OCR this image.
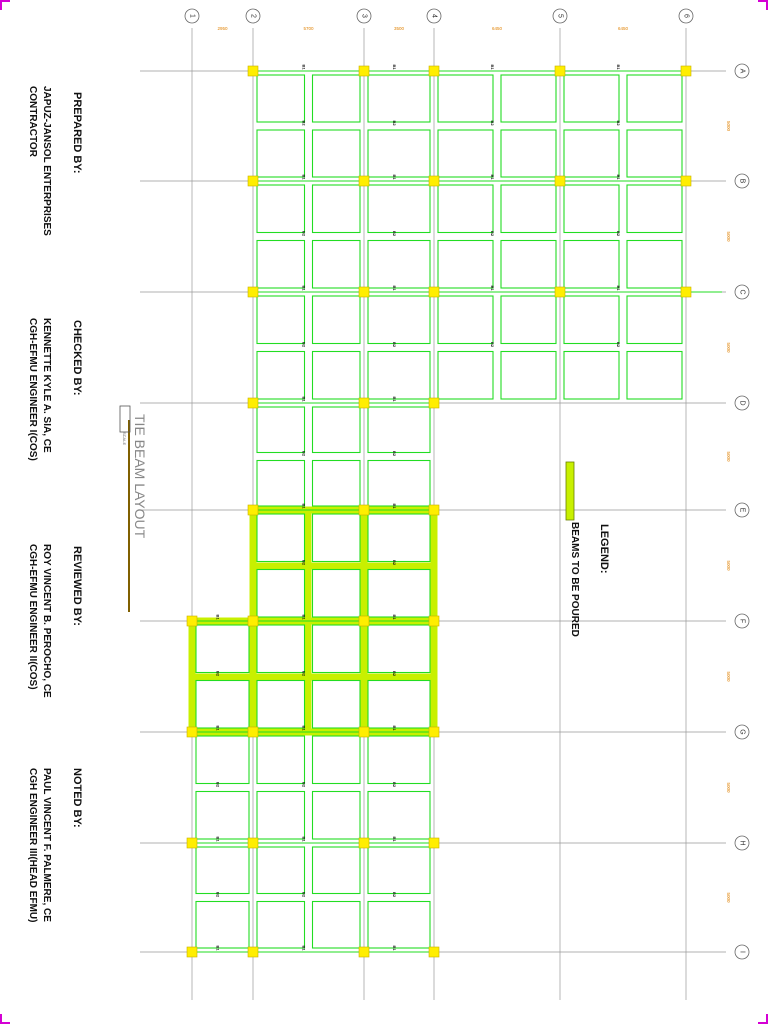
2950	5700	3500	6450	6450
5000
5000
5000
5000
5000
5000
5000
5000
B1
B2
B1
B2
B1
B2
B1
B2
B1
B2
B1
B2
B1
B2
B1
B2
B1
B2
B1
B2
B1
B2
B1
B2
B1
B2
B1
B2
B1
B2
B1
B2
B1
B2
B1
B2
B1
B2
B1
B2
B1
B2
B1
B2
B1
B2
B1
B2
B1
B2
B1	B1	B1
1	2	3	4	5	6
A
B
C
D
E
F
G
H
I
LEGEND:
BEAMS TO BE POURED
TIE BEAM LAYOUT
SCALE
PREPARED BY:
JAPUZ-JANSOL ENTERPRISES
CONTRACTOR
CHECKED BY:
KENNETTE KYLE A. SIA, CE
CGH-EFMU ENGINEER I(COS)
REVIEWED BY:
ROY VINCENT B. PEROCHO, CE
CGH-EFMU ENGINEER II(COS)
NOTED BY:
PAUL VINCENT F. PALMERE, CE
CGH ENGINEER III(HEAD EFMU)
